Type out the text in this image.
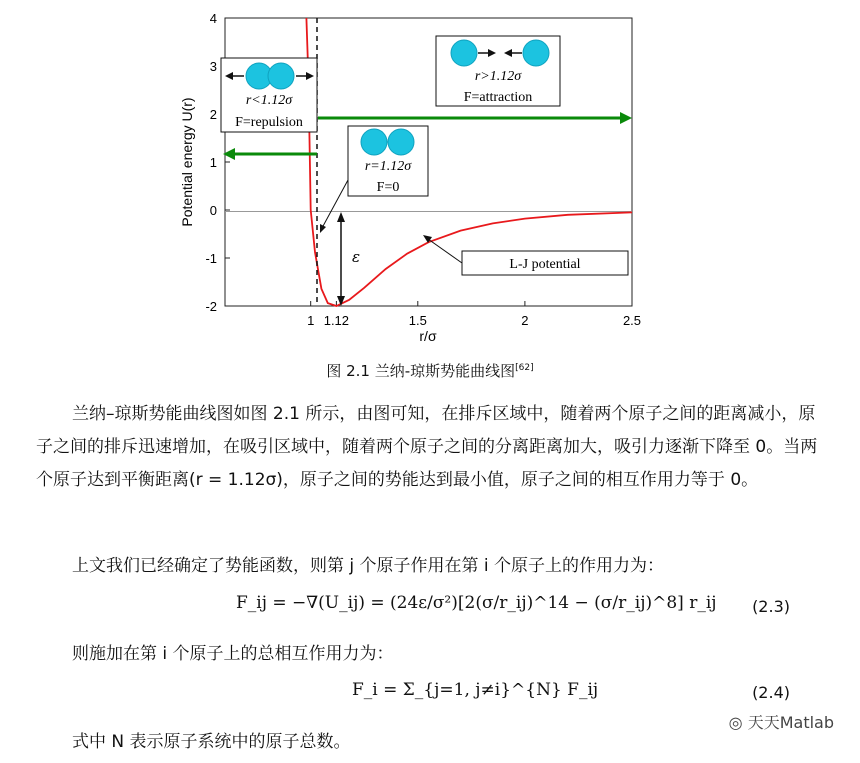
4
3
2
1
0
-1
-2
1 1.12	1.5	2	2.5
Potential energy U(r)
r/σ
r<1.12σ
F=repulsion
r>1.12σ
F=attraction
r=1.12σ
F=0
ε	L-J potential
图 2.1 兰纳-琼斯势能曲线图[62]
兰纳–琼斯势能曲线图如图 2.1 所示，由图可知，在排斥区域中，随着两个原子之间的距离减小，原子之间的排斥迅速增加，在吸引区域中，随着两个原子之间的分离距离加大，吸引力逐渐下降至 0。当两个原子达到平衡距离(r = 1.12σ)，原子之间的势能达到最小值，原子之间的相互作用力等于 0。
上文我们已经确定了势能函数，则第 j 个原子作用在第 i 个原子上的作用力为：
F_ij = −∇(U_ij) = (24ε/σ²)[2(σ/r_ij)^14 − (σ/r_ij)^8] r_ij (2.3)
则施加在第 i 个原子上的总相互作用力为：
F_i = Σ_{j=1, j≠i}^{N} F_ij	(2.4)
式中 N 表示原子系统中的原子总数。
◎ 天天Matlab
